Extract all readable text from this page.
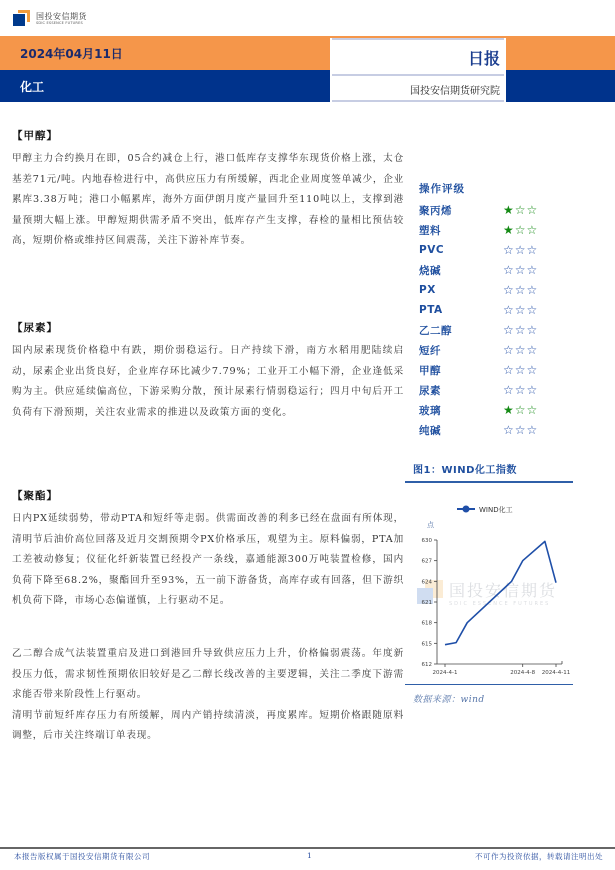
国投安信期货
SDIC ESSENCE FUTURES
2024年04月11日
化工
日报
国投安信期货研究院
【甲醇】

甲醇主力合约换月在即，05合约减仓上行，港口低库存支撑华东现货价格上涨，太仓基差71元/吨。内地春检进行中，高供应压力有所缓解，西北企业周度签单减少，企业累库3.38万吨；港口小幅累库，海外方面伊朗月度产量回升至110吨以上，支撑到港量预期大幅上涨。甲醇短期供需矛盾不突出，低库存产生支撑，春检的量相比预估较高，短期价格或维持区间震荡，关注下游补库节奏。

【尿素】

国内尿素现货价格稳中有跌，期价弱稳运行。日产持续下滑，南方水稻用肥陆续启动，尿素企业出货良好，企业库存环比减少7.79%；工业开工小幅下滑，企业逢低采购为主。供应延续偏高位，下游采购分散，预计尿素行情弱稳运行；四月中旬后开工负荷有下滑预期，关注农业需求的推进以及政策方面的变化。

【聚酯】

日内PX延续弱势，带动PTA和短纤等走弱。供需面改善的利多已经在盘面有所体现，清明节后油价高位回落及近月交割预期令PX价格承压，观望为主。原料偏弱，PTA加工差被动修复；仪征化纤新装置已经投产一条线，嘉通能源300万吨装置检修，国内负荷下降至68.2%，聚酯回升至93%，五一前下游备货，高库存或有回落，但下游织机负荷下降，市场心态偏谨慎，上行驱动不足。

乙二醇合成气法装置重启及进口到港回升导致供应压力上升，价格偏弱震荡。年度新投压力低，需求韧性预期依旧较好是乙二醇长线改善的主要逻辑，关注二季度下游需求能否带来阶段性上行驱动。

清明节前短纤库存压力有所缓解，周内产销持续清淡，再度累库。短期价格跟随原料调整，后市关注终端订单表现。

操作评级
聚丙烯	★ ☆ ☆
塑料	★ ☆ ☆
PVC	☆ ☆ ☆
烧碱	☆ ☆ ☆
PX	☆ ☆ ☆
PTA	☆ ☆ ☆
乙二醇	☆ ☆ ☆
短纤	☆ ☆ ☆
甲醇	☆ ☆ ☆
尿素	☆ ☆ ☆
玻璃	★ ☆ ☆
纯碱	☆ ☆ ☆
图1：WIND化工指数
国投安信期货
SDIC ESSENCE FUTURES
WIND化工
点
612
615
618
621
624
627
630
2024-4-1	2024-4-8 2024-4-11
数据来源：wind
本报告版权属于国投安信期货有限公司	1	不可作为投资依据，转载请注明出处
